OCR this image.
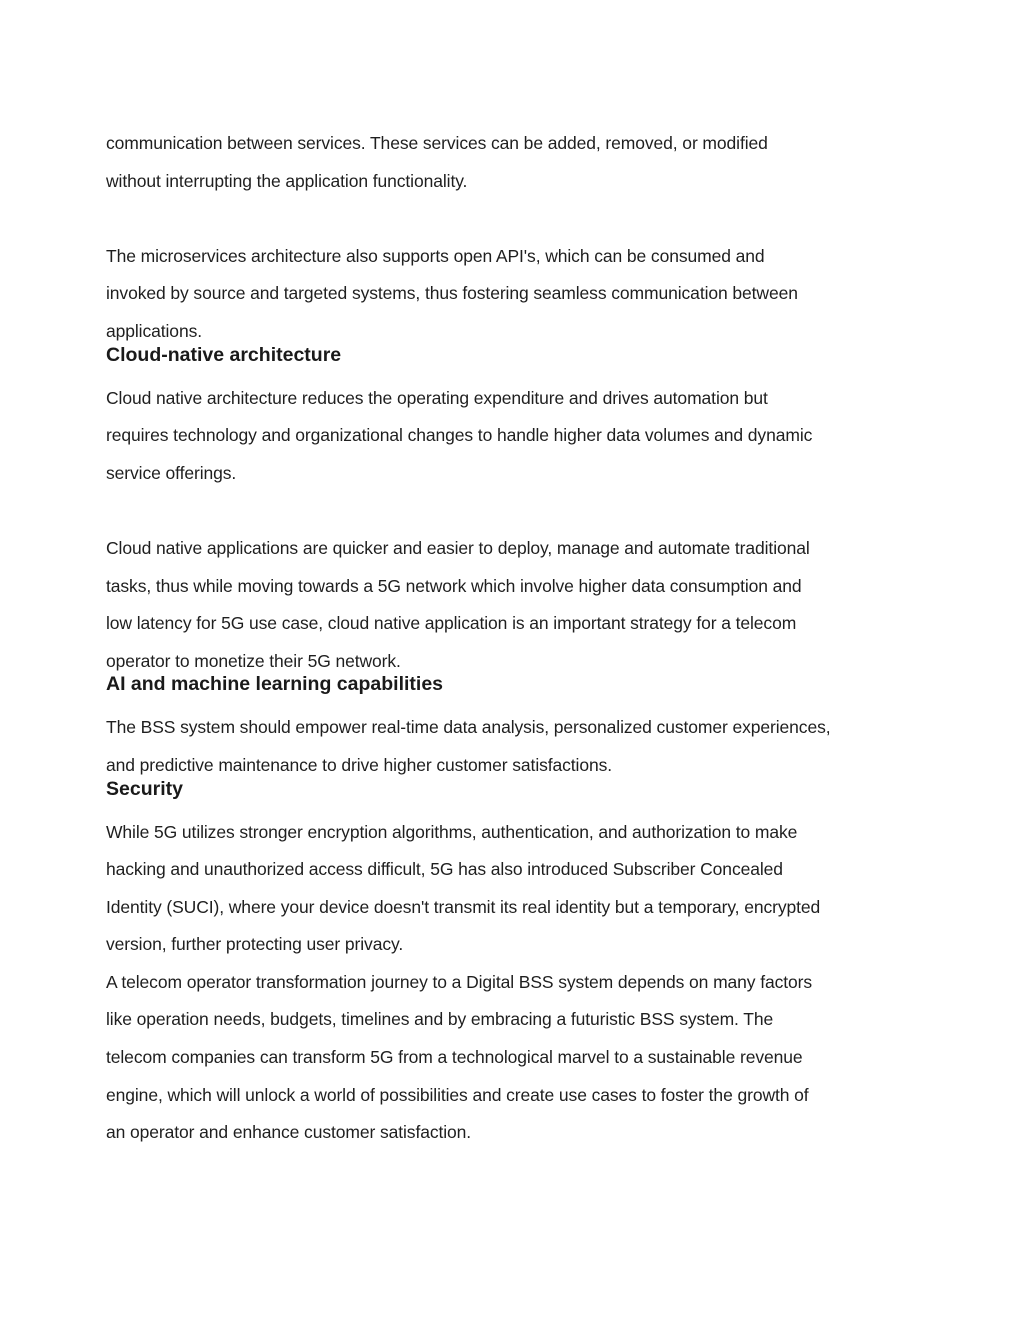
communication between services. These services can be added, removed, or modified

without interrupting the application functionality.

The microservices architecture also supports open API's, which can be consumed and

invoked by source and targeted systems, thus fostering seamless communication between

applications.

Cloud-native architecture

Cloud native architecture reduces the operating expenditure and drives automation but

requires technology and organizational changes to handle higher data volumes and dynamic

service offerings.

Cloud native applications are quicker and easier to deploy, manage and automate traditional

tasks, thus while moving towards a 5G network which involve higher data consumption and

low latency for 5G use case, cloud native application is an important strategy for a telecom

operator to monetize their 5G network.

AI and machine learning capabilities

The BSS system should empower real-time data analysis, personalized customer experiences,

and predictive maintenance to drive higher customer satisfactions.

Security

While 5G utilizes stronger encryption algorithms, authentication, and authorization to make

hacking and unauthorized access difficult, 5G has also introduced Subscriber Concealed

Identity (SUCI), where your device doesn't transmit its real identity but a temporary, encrypted

version, further protecting user privacy.

A telecom operator transformation journey to a Digital BSS system depends on many factors

like operation needs, budgets, timelines and by embracing a futuristic BSS system. The

telecom companies can transform 5G from a technological marvel to a sustainable revenue

engine, which will unlock a world of possibilities and create use cases to foster the growth of

an operator and enhance customer satisfaction.
